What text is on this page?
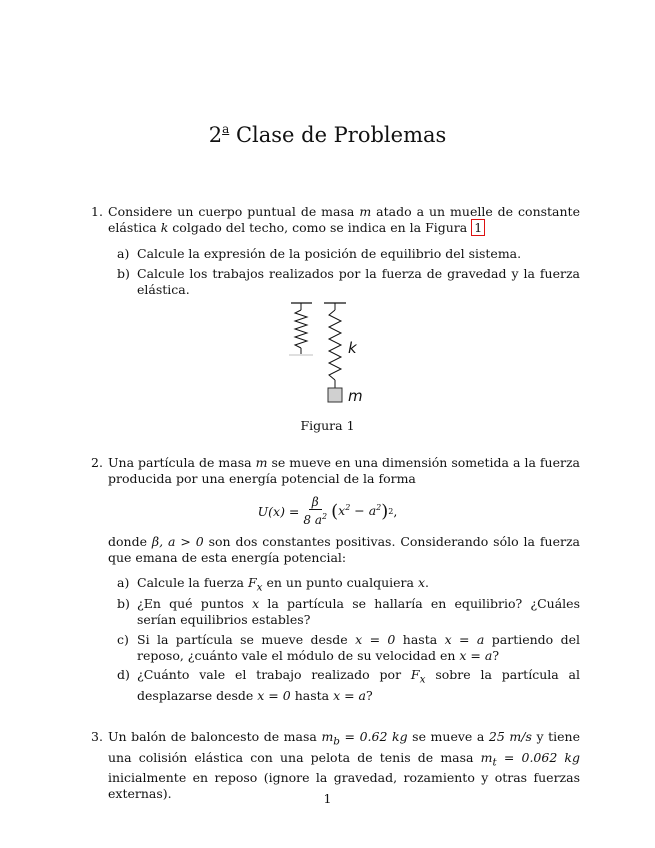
2$^a$ Clase de Problemas
1. Considere un cuerpo puntual de masa m atado a un muelle de constante elástica k colgado del techo, como se indica en la Figura 1
a) Calcule la expresión de la posición de equilibrio del sistema.
b) Calcule los trabajos realizados por la fuerza de gravedad y la fuerza elástica.
k
m
Figura 1
2. Una partícula de masa m se mueve en una dimensión sometida a la fuerza producida por una energía potencial de la forma
$U(x) = \frac{\beta}{8 a^2}$ ( $x^2 - a^2$ ) 2 ,
donde β, a > 0 son dos constantes positivas. Considerando sólo la fuerza que emana de esta energía potencial:
a) Calcule la fuerza $F_x$ en un punto cualquiera x.
b) ¿En qué puntos x la partícula se hallaría en equilibrio? ¿Cuáles serían equilibrios estables?
c) Si la partícula se mueve desde x = 0 hasta x = a partiendo del reposo, ¿cuánto vale el módulo de su velocidad en x = a?
d) ¿Cuánto vale el trabajo realizado por $F_x$ sobre la partícula al desplazarse desde x = 0 hasta x = a?
3. Un balón de baloncesto de masa $m_b = 0.62$ kg se mueve a 25 m/s y tiene una colisión elástica con una pelota de tenis de masa $m_t = 0.062$ kg inicialmente en reposo (ignore la gravedad, rozamiento y otras fuerzas externas).	1
